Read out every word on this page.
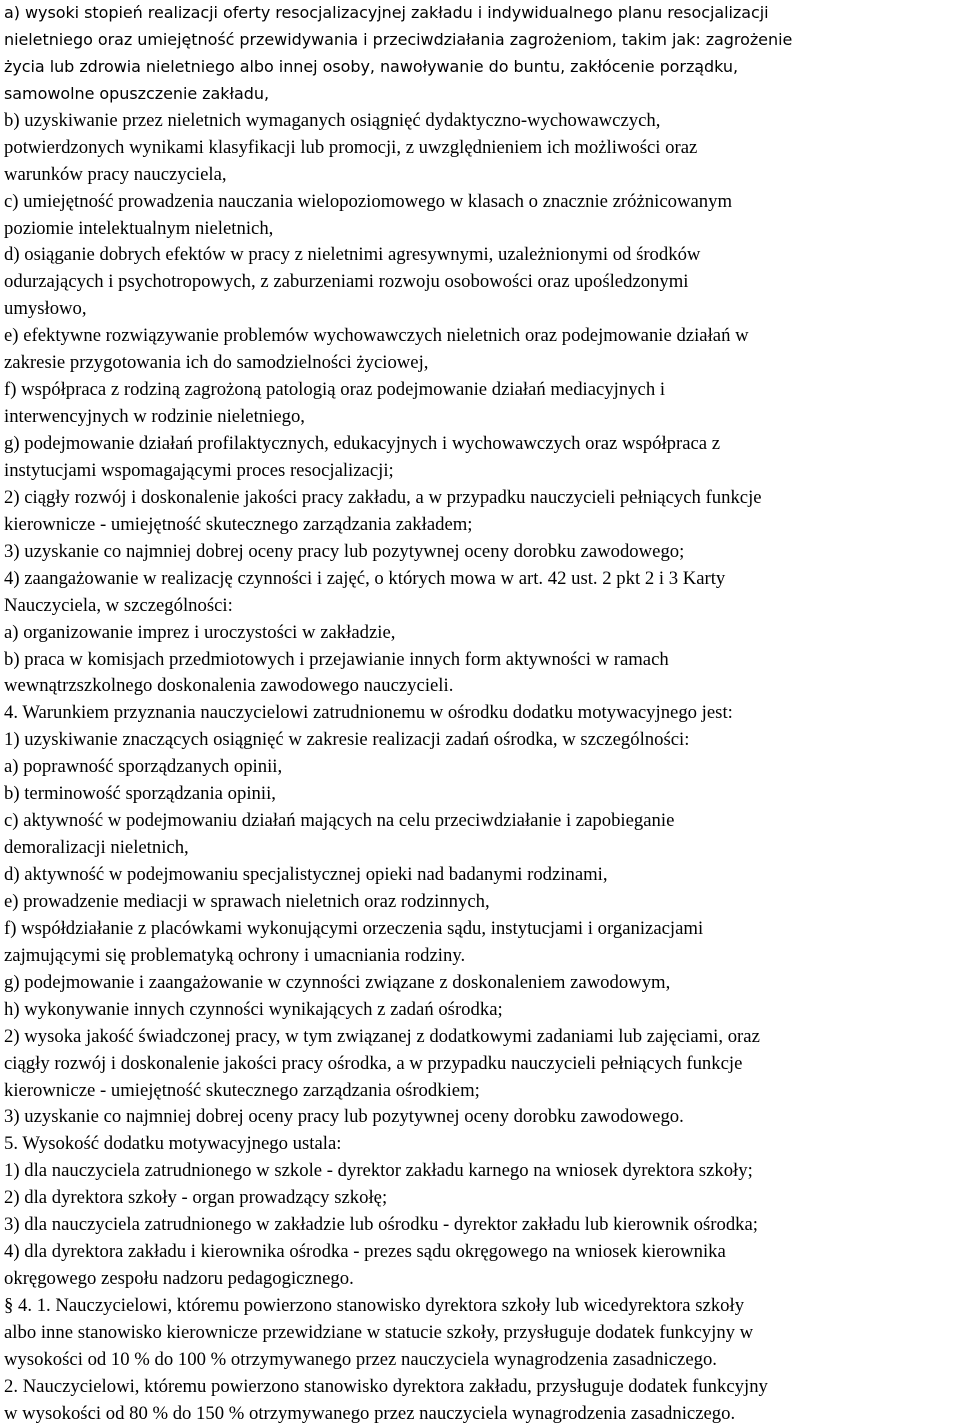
a) wysoki stopień realizacji oferty resocjalizacyjnej zakładu i indywidualnego planu resocjalizacji
nieletniego oraz umiejętność przewidywania i przeciwdziałania zagrożeniom, takim jak: zagrożenie
życia lub zdrowia nieletniego albo innej osoby, nawoływanie do buntu, zakłócenie porządku,
samowolne opuszczenie zakładu,
b) uzyskiwanie przez nieletnich wymaganych osiągnięć dydaktyczno-wychowawczych,
potwierdzonych wynikami klasyfikacji lub promocji, z uwzględnieniem ich możliwości oraz
warunków pracy nauczyciela,
c) umiejętność prowadzenia nauczania wielopoziomowego w klasach o znacznie zróżnicowanym
poziomie intelektualnym nieletnich,
d) osiąganie dobrych efektów w pracy z nieletnimi agresywnymi, uzależnionymi od środków
odurzających i psychotropowych, z zaburzeniami rozwoju osobowości oraz upośledzonymi
umysłowo,
e) efektywne rozwiązywanie problemów wychowawczych nieletnich oraz podejmowanie działań w
zakresie przygotowania ich do samodzielności życiowej,
f) współpraca z rodziną zagrożoną patologią oraz podejmowanie działań mediacyjnych i
interwencyjnych w rodzinie nieletniego,
g) podejmowanie działań profilaktycznych, edukacyjnych i wychowawczych oraz współpraca z
instytucjami wspomagającymi proces resocjalizacji;
2) ciągły rozwój i doskonalenie jakości pracy zakładu, a w przypadku nauczycieli pełniących funkcje
kierownicze - umiejętność skutecznego zarządzania zakładem;
3) uzyskanie co najmniej dobrej oceny pracy lub pozytywnej oceny dorobku zawodowego;
4) zaangażowanie w realizację czynności i zajęć, o których mowa w art. 42 ust. 2 pkt 2 i 3 Karty
Nauczyciela, w szczególności:
a) organizowanie imprez i uroczystości w zakładzie,
b) praca w komisjach przedmiotowych i przejawianie innych form aktywności w ramach
wewnątrzszkolnego doskonalenia zawodowego nauczycieli.
4. Warunkiem przyznania nauczycielowi zatrudnionemu w ośrodku dodatku motywacyjnego jest:
1) uzyskiwanie znaczących osiągnięć w zakresie realizacji zadań ośrodka, w szczególności:
a) poprawność sporządzanych opinii,
b) terminowość sporządzania opinii,
c) aktywność w podejmowaniu działań mających na celu przeciwdziałanie i zapobieganie
demoralizacji nieletnich,
d) aktywność w podejmowaniu specjalistycznej opieki nad badanymi rodzinami,
e) prowadzenie mediacji w sprawach nieletnich oraz rodzinnych,
f) współdziałanie z placówkami wykonującymi orzeczenia sądu, instytucjami i organizacjami
zajmującymi się problematyką ochrony i umacniania rodziny.
g) podejmowanie i zaangażowanie w czynności związane z doskonaleniem zawodowym,
h) wykonywanie innych czynności wynikających z zadań ośrodka;
2) wysoka jakość świadczonej pracy, w tym związanej z dodatkowymi zadaniami lub zajęciami, oraz
ciągły rozwój i doskonalenie jakości pracy ośrodka, a w przypadku nauczycieli pełniących funkcje
kierownicze - umiejętność skutecznego zarządzania ośrodkiem;
3) uzyskanie co najmniej dobrej oceny pracy lub pozytywnej oceny dorobku zawodowego.
5. Wysokość dodatku motywacyjnego ustala:
1) dla nauczyciela zatrudnionego w szkole - dyrektor zakładu karnego na wniosek dyrektora szkoły;
2) dla dyrektora szkoły - organ prowadzący szkołę;
3) dla nauczyciela zatrudnionego w zakładzie lub ośrodku - dyrektor zakładu lub kierownik ośrodka;
4) dla dyrektora zakładu i kierownika ośrodka - prezes sądu okręgowego na wniosek kierownika
okręgowego zespołu nadzoru pedagogicznego.
§ 4. 1. Nauczycielowi, któremu powierzono stanowisko dyrektora szkoły lub wicedyrektora szkoły
albo inne stanowisko kierownicze przewidziane w statucie szkoły, przysługuje dodatek funkcyjny w
wysokości od 10 % do 100 % otrzymywanego przez nauczyciela wynagrodzenia zasadniczego.
2. Nauczycielowi, któremu powierzono stanowisko dyrektora zakładu, przysługuje dodatek funkcyjny
w wysokości od 80 % do 150 % otrzymywanego przez nauczyciela wynagrodzenia zasadniczego.
